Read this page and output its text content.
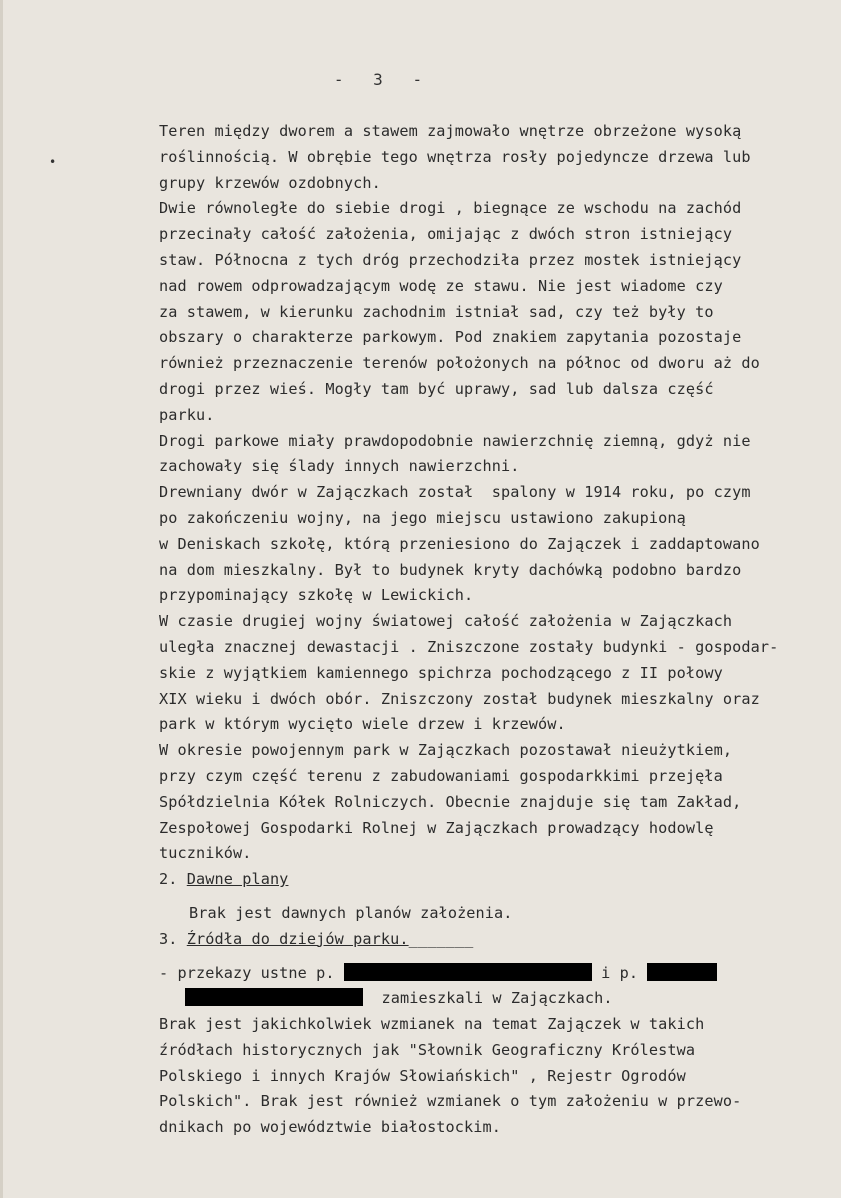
- 3 -
•
Teren między dworem a stawem zajmowało wnętrze obrzeżone wysoką
roślinnością. W obrębie tego wnętrza rosły pojedyncze drzewa lub
grupy krzewów ozdobnych.
Dwie równoległe do siebie drogi , biegnące ze wschodu na zachód
przecinały całość założenia, omijając z dwóch stron istniejący
staw. Północna z tych dróg przechodziła przez mostek istniejący
nad rowem odprowadzającym wodę ze stawu. Nie jest wiadome czy
za stawem, w kierunku zachodnim istniał sad, czy też były to
obszary o charakterze parkowym. Pod znakiem zapytania pozostaje
również przeznaczenie terenów położonych na północ od dworu aż do
drogi przez wieś. Mogły tam być uprawy, sad lub dalsza część
parku.
Drogi parkowe miały prawdopodobnie nawierzchnię ziemną, gdyż nie
zachowały się ślady innych nawierzchni.
Drewniany dwór w Zajączkach został  spalony w 1914 roku, po czym
po zakończeniu wojny, na jego miejscu ustawiono zakupioną
w Deniskach szkołę, którą przeniesiono do Zajączek i zaddaptowano
na dom mieszkalny. Był to budynek kryty dachówką podobno bardzo
przypominający szkołę w Lewickich.
W czasie drugiej wojny światowej całość założenia w Zajączkach
uległa znacznej dewastacji . Zniszczone zostały budynki - gospodar-
skie z wyjątkiem kamiennego spichrza pochodzącego z II połowy
XIX wieku i dwóch obór. Zniszczony został budynek mieszkalny oraz
park w którym wycięto wiele drzew i krzewów.
W okresie powojennym park w Zajączkach pozostawał nieużytkiem,
przy czym część terenu z zabudowaniami gospodarkkimi przejęła
Spółdzielnia Kółek Rolniczych. Obecnie znajduje się tam Zakład,
Zespołowej Gospodarki Rolnej w Zajączkach prowadzący hodowlę
tuczników.
2. Dawne plany
Brak jest dawnych planów założenia.
3. Źródła do dziejów parku._______
- przekazy ustne p.	i p.
zamieszkali w Zajączkach.
Brak jest jakichkolwiek wzmianek na temat Zajączek w takich
źródłach historycznych jak "Słownik Geograficzny Królestwa
Polskiego i innych Krajów Słowiańskich" , Rejestr Ogrodów
Polskich". Brak jest również wzmianek o tym założeniu w przewo-
dnikach po województwie białostockim.
